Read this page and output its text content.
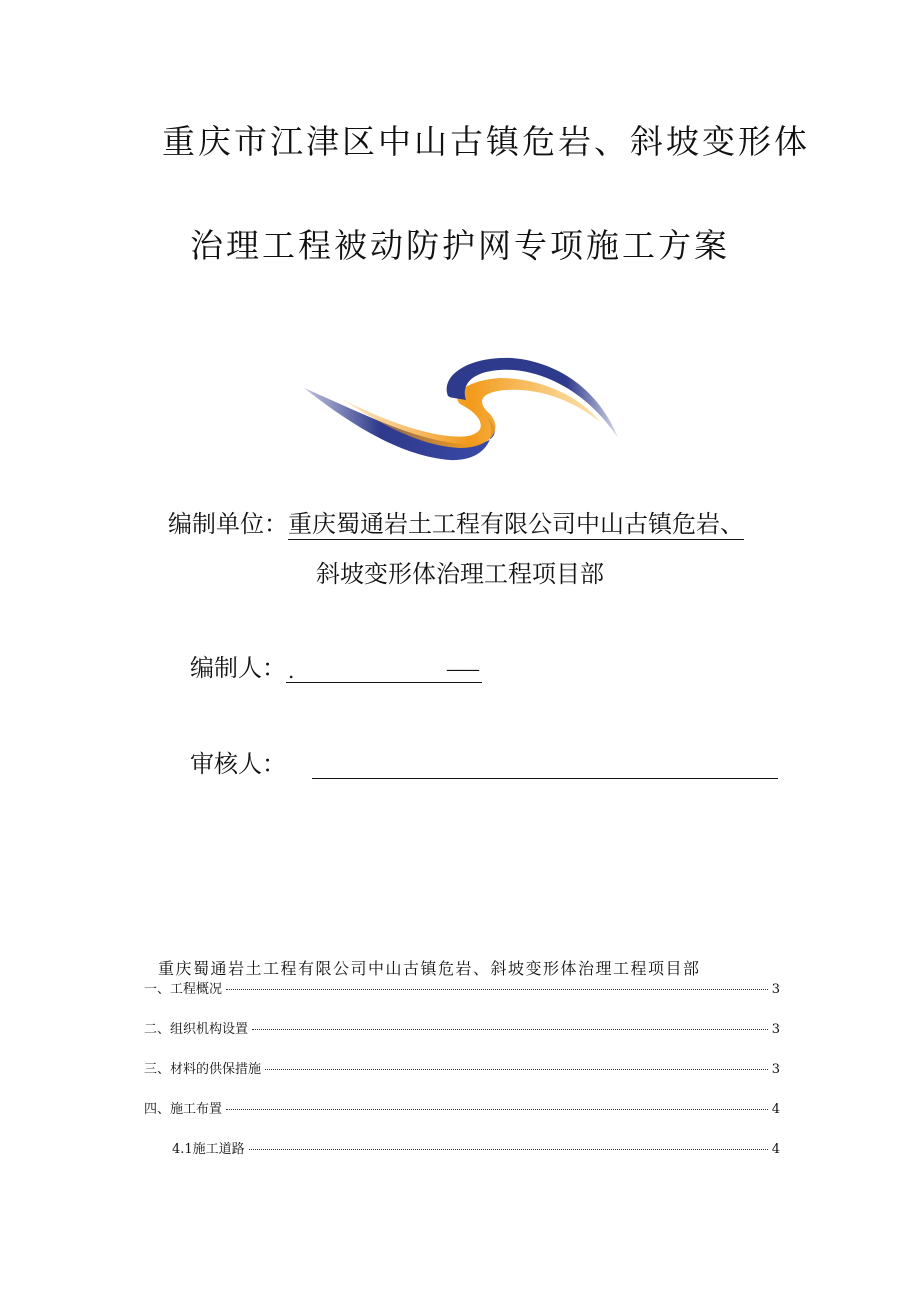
重庆市江津区中山古镇危岩、斜坡变形体
治理工程被动防护网专项施工方案
编制单位：重庆蜀通岩土工程有限公司中山古镇危岩、
斜坡变形体治理工程项目部
编制人： .	——
审核人：
重庆蜀通岩土工程有限公司中山古镇危岩、斜坡变形体治理工程项目部
一、工程概况	3
二、组织机构设置	3
三、材料的供保措施	3
四、施工布置	4
4.1施工道路	4
